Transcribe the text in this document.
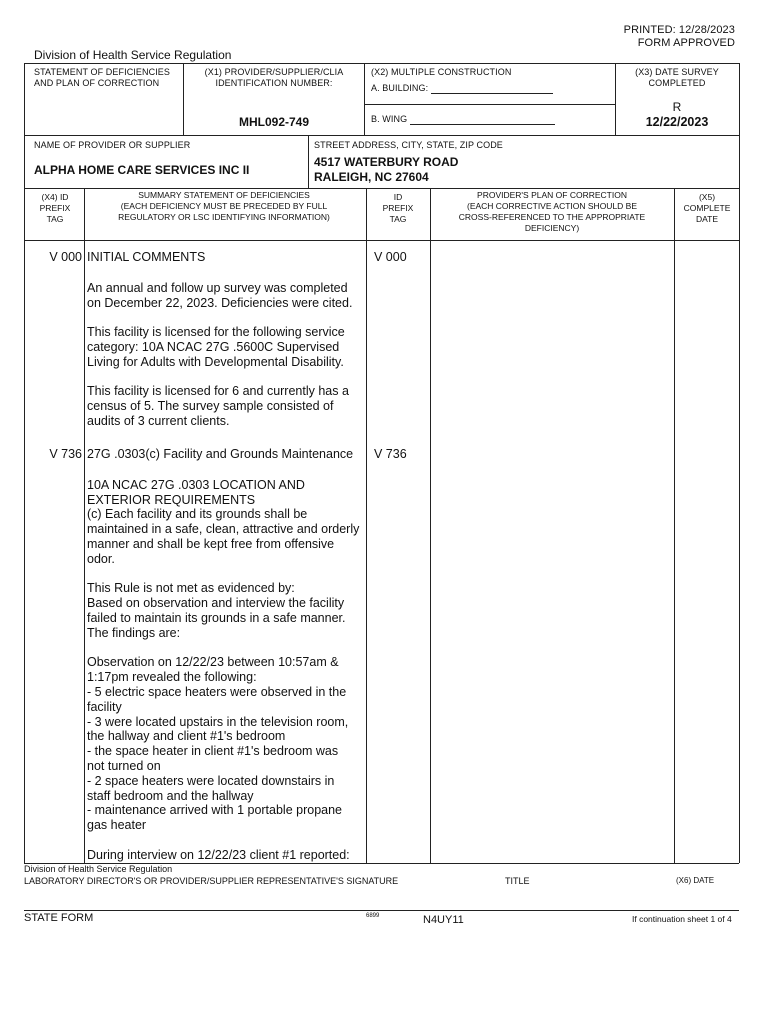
PRINTED: 12/28/2023
FORM APPROVED
Division of Health Service Regulation
STATEMENT OF DEFICIENCIES
AND PLAN OF CORRECTION
(X1) PROVIDER/SUPPLIER/CLIA
IDENTIFICATION NUMBER:
MHL092-749
(X2) MULTIPLE CONSTRUCTION
A. BUILDING:
B. WING
(X3) DATE SURVEY
COMPLETED
R
12/22/2023
NAME OF PROVIDER OR SUPPLIER
ALPHA HOME CARE SERVICES INC II
STREET ADDRESS, CITY, STATE, ZIP CODE
4517 WATERBURY ROAD
RALEIGH, NC 27604
(X4) ID
PREFIX
TAG
SUMMARY STATEMENT OF DEFICIENCIES
(EACH DEFICIENCY MUST BE PRECEDED BY FULL
REGULATORY OR LSC IDENTIFYING INFORMATION)
ID
PREFIX
TAG
PROVIDER'S PLAN OF CORRECTION
(EACH CORRECTIVE ACTION SHOULD BE
CROSS-REFERENCED TO THE APPROPRIATE
DEFICIENCY)
(X5)
COMPLETE
DATE
V 000	V 000

INITIAL COMMENTS

An annual and follow up survey was completed
on December 22, 2023. Deficiencies were cited.

This facility is licensed for the following service
category: 10A NCAC 27G .5600C Supervised
Living for Adults with Developmental Disability.

This facility is licensed for 6 and currently has a
census of 5. The survey sample consisted of
audits of 3 current clients.

V 736	V 736

27G .0303(c) Facility and Grounds Maintenance

10A NCAC 27G .0303 LOCATION AND
EXTERIOR REQUIREMENTS
(c) Each facility and its grounds shall be
maintained in a safe, clean, attractive and orderly
manner and shall be kept free from offensive
odor.

This Rule is not met as evidenced by:
Based on observation and interview the facility
failed to maintain its grounds in a safe manner.
The findings are:

Observation on 12/22/23 between 10:57am &
1:17pm revealed the following:
- 5 electric space heaters were observed in the
facility
- 3 were located upstairs in the television room,
the hallway and client #1's bedroom
- the space heater in client #1's bedroom was
not turned on
- 2 space heaters were located downstairs in
staff bedroom and the hallway
- maintenance arrived with 1 portable propane
gas heater

During interview on 12/22/23 client #1 reported:

Division of Health Service Regulation
LABORATORY DIRECTOR'S OR PROVIDER/SUPPLIER REPRESENTATIVE'S SIGNATURE	TITLE	(X6) DATE
STATE FORM	6899	N4UY11	If continuation sheet 1 of 4
